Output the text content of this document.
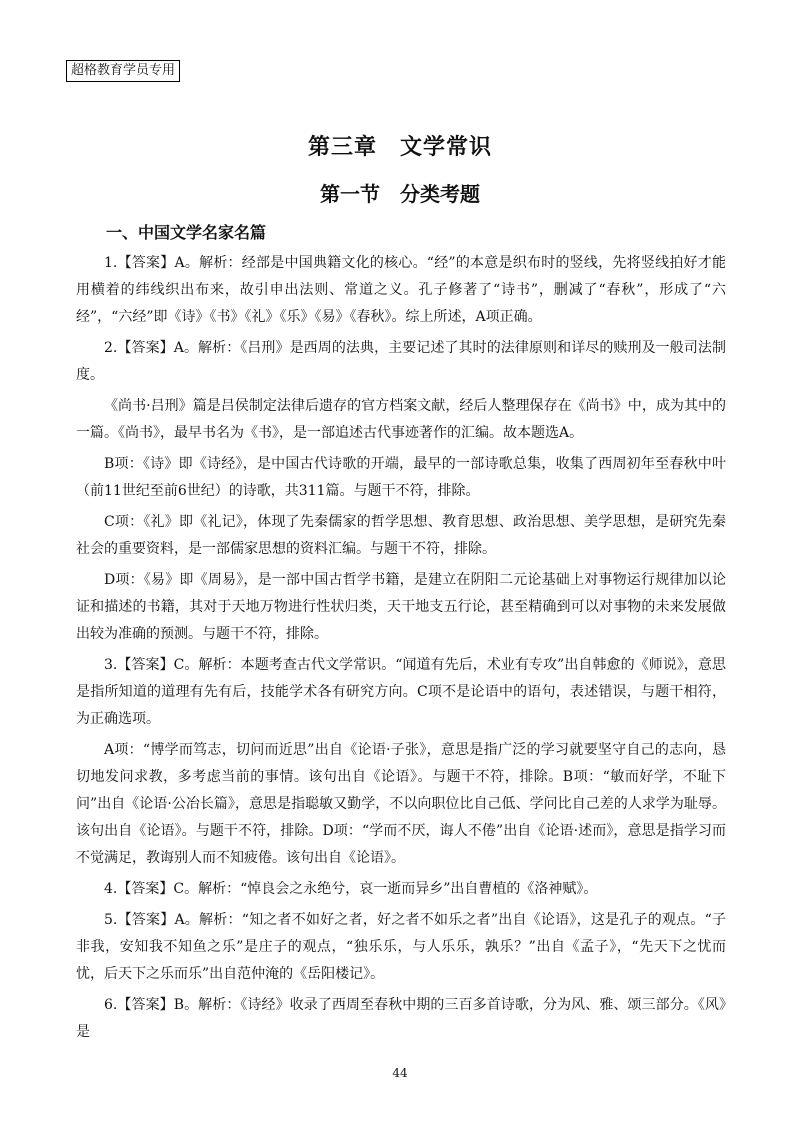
超格教育学员专用
第三章　文学常识
第一节　分类考题
一、中国文学名家名篇

1.【答案】A。解析：经部是中国典籍文化的核心。“经”的本意是织布时的竖线，先将竖线拍好才能用横着的纬线织出布来，故引申出法则、常道之义。孔子修著了“诗书”，删减了“春秋”，形成了“六经”，“六经”即《诗》《书》《礼》《乐》《易》《春秋》。综上所述，A项正确。

2.【答案】A。解析：《吕刑》是西周的法典，主要记述了其时的法律原则和详尽的赎刑及一般司法制度。

《尚书·吕刑》篇是吕侯制定法律后遗存的官方档案文献，经后人整理保存在《尚书》中，成为其中的一篇。《尚书》，最早书名为《书》，是一部追述古代事迹著作的汇编。故本题选A。

B项：《诗》即《诗经》，是中国古代诗歌的开端，最早的一部诗歌总集，收集了西周初年至春秋中叶（前11世纪至前6世纪）的诗歌，共311篇。与题干不符，排除。

C项：《礼》即《礼记》，体现了先秦儒家的哲学思想、教育思想、政治思想、美学思想，是研究先秦社会的重要资料，是一部儒家思想的资料汇编。与题干不符，排除。

D项：《易》即《周易》，是一部中国古哲学书籍，是建立在阴阳二元论基础上对事物运行规律加以论证和描述的书籍，其对于天地万物进行性状归类，天干地支五行论，甚至精确到可以对事物的未来发展做出较为准确的预测。与题干不符，排除。

3.【答案】C。解析：本题考查古代文学常识。“闻道有先后，术业有专攻”出自韩愈的《师说》，意思是指所知道的道理有先有后，技能学术各有研究方向。C项不是论语中的语句，表述错误，与题干相符，为正确选项。

A项：“博学而笃志，切问而近思”出自《论语·子张》，意思是指广泛的学习就要坚守自己的志向，恳切地发问求教，多考虑当前的事情。该句出自《论语》。与题干不符，排除。B项：“敏而好学，不耻下问”出自《论语·公冶长篇》，意思是指聪敏又勤学，不以向职位比自己低、学问比自己差的人求学为耻辱。该句出自《论语》。与题干不符，排除。D项：“学而不厌，诲人不倦”出自《论语·述而》，意思是指学习而不觉满足，教诲别人而不知疲倦。该句出自《论语》。

4.【答案】C。解析：“悼良会之永绝兮，哀一逝而异乡”出自曹植的《洛神赋》。

5.【答案】A。解析：“知之者不如好之者，好之者不如乐之者”出自《论语》，这是孔子的观点。“子非我，安知我不知鱼之乐”是庄子的观点，“独乐乐，与人乐乐，孰乐？”出自《孟子》，“先天下之忧而忧，后天下之乐而乐”出自范仲淹的《岳阳楼记》。

6.【答案】B。解析：《诗经》收录了西周至春秋中期的三百多首诗歌，分为风、雅、颂三部分。《风》是

44
